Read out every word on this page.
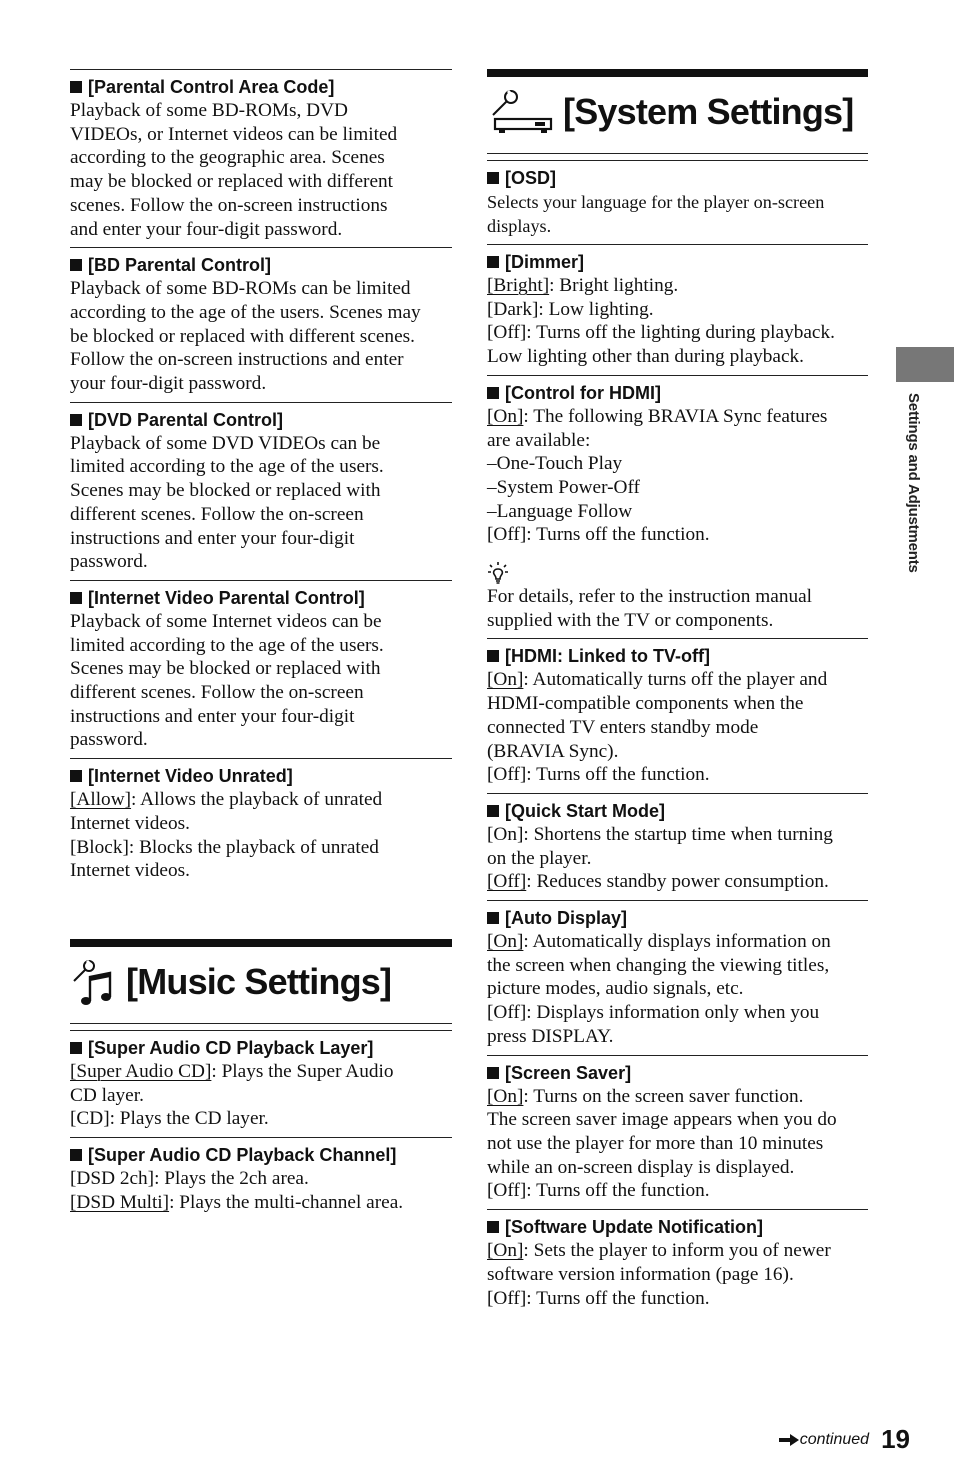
[Parental Control Area Code]
Playback of some BD-ROMs, DVD
VIDEOs, or Internet videos can be limited
according to the geographic area. Scenes
may be blocked or replaced with different
scenes. Follow the on-screen instructions
and enter your four-digit password.
[BD Parental Control]
Playback of some BD-ROMs can be limited
according to the age of the users. Scenes may
be blocked or replaced with different scenes.
Follow the on-screen instructions and enter
your four-digit password.
[DVD Parental Control]
Playback of some DVD VIDEOs can be
limited according to the age of the users.
Scenes may be blocked or replaced with
different scenes. Follow the on-screen
instructions and enter your four-digit
password.
[Internet Video Parental Control]
Playback of some Internet videos can be
limited according to the age of the users.
Scenes may be blocked or replaced with
different scenes. Follow the on-screen
instructions and enter your four-digit
password.
[Internet Video Unrated]
[Allow]: Allows the playback of unrated
Internet videos.
[Block]: Blocks the playback of unrated
Internet videos.
[Music Settings]
[Super Audio CD Playback Layer]
[Super Audio CD]: Plays the Super Audio
CD layer.
[CD]: Plays the CD layer.
[Super Audio CD Playback Channel]
[DSD 2ch]: Plays the 2ch area.
[DSD Multi]: Plays the multi-channel area.
[System Settings]
[OSD]
Selects your language for the player on-screen
displays.
[Dimmer]
[Bright]: Bright lighting.
[Dark]: Low lighting.
[Off]: Turns off the lighting during playback.
Low lighting other than during playback.
[Control for HDMI]
[On]: The following BRAVIA Sync features
are available:
–One-Touch Play
–System Power-Off
–Language Follow
[Off]: Turns off the function.
For details, refer to the instruction manual
supplied with the TV or components.
[HDMI: Linked to TV-off]
[On]: Automatically turns off the player and
HDMI-compatible components when the
connected TV enters standby mode
(BRAVIA Sync).
[Off]: Turns off the function.
[Quick Start Mode]
[On]: Shortens the startup time when turning
on the player.
[Off]: Reduces standby power consumption.
[Auto Display]
[On]: Automatically displays information on
the screen when changing the viewing titles,
picture modes, audio signals, etc.
[Off]: Displays information only when you
press DISPLAY.
[Screen Saver]
[On]: Turns on the screen saver function.
The screen saver image appears when you do
not use the player for more than 10 minutes
while an on-screen display is displayed.
[Off]: Turns off the function.
[Software Update Notification]
[On]: Sets the player to inform you of newer
software version information (page 16).
[Off]: Turns off the function.
Settings and Adjustments
continued 19
